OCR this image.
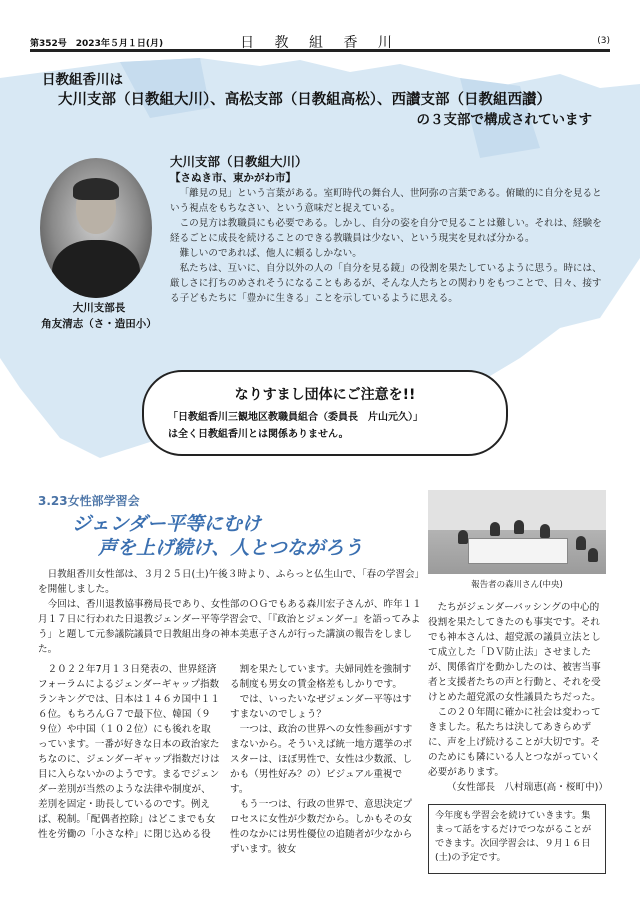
第352号　2023年５月１日(月)	日 教 組 香 川	(3)
日教組香川は
大川支部（日教組大川）、高松支部（日教組高松）、西讃支部（日教組西讃）
の３支部で構成されています
大川支部長
角友清志（さ・造田小）
大川支部（日教組大川）
【さぬき市、東かがわ市】

「離見の見」という言葉がある。室町時代の舞台人、世阿弥の言葉である。俯瞰的に自分を見るという視点をもちなさい、という意味だと捉えている。

この見方は教職員にも必要である。しかし、自分の姿を自分で見ることは難しい。それは、経験を経るごとに成長を続けることのできる教職員は少ない、という現実を見れば分かる。

難しいのであれば、他人に頼るしかない。

私たちは、互いに、自分以外の人の「自分を見る鏡」の役割を果たしているように思う。時には、厳しさに打ちのめされそうになることもあるが、そんな人たちとの関わりをもつことで、日々、接する子どもたちに「豊かに生きる」ことを示しているように思える。

なりすまし団体にご注意を!!
「日教組香川三観地区教職員組合（委員長　片山元久）」
は全く日教組香川とは関係ありません。
3.23女性部学習会
ジェンダー平等にむけ
声を上げ続け、人とつながろう
報告者の森川さん(中央)

日教組香川女性部は、３月２５日(土)午後３時より、ふらっと仏生山で、「春の学習会」を開催しました。

今回は、香川退教協事務局長であり、女性部のＯＧでもある森川宏子さんが、昨年１１月１７日に行われた日退教ジェンダー平等学習会で、「『政治とジェンダー』を語ってみよう」と題して元参議院議員で日教組出身の神本美恵子さんが行った講演の報告をしました。

２０２２年7月１３日発表の、世界経済フォーラムによるジェンダーギャップ指数ランキングでは、日本は１４６カ国中１１６位。もちろんＧ７で最下位、韓国（９９位）や中国（１０２位）にも後れを取っています。一番が好きな日本の政治家たちなのに、ジェンダーギャップ指数だけは目に入らないかのようです。まるでジェンダー差別が当然のような法律や制度が、差別を固定・助長しているのです。例えば、税制。「配偶者控除」はどこまでも女性を労働の「小さな枠」に閉じ込める役

割を果たしています。夫婦同姓を強制する制度も男女の賃金格差もしかりです。

では、いったいなぜジェンダー平等はすすまないのでしょう？

一つは、政治の世界への女性参画がすすまないから。そういえば統一地方選挙のポスターは、ほぼ男性で、女性は少数派、しかも（男性好み？の）ビジュアル重視です。

もう一つは、行政の世界で、意思決定プロセスに女性が少数だから。しかもその女性のなかには男性優位の追随者が少なからずいます。彼女

たちがジェンダーバッシングの中心的役割を果たしてきたのも事実です。それでも神本さんは、超党派の議員立法として成立した「ＤＶ防止法」させましたが、関係省庁を動かしたのは、被害当事者と支援者たちの声と行動と、それを受けとめた超党派の女性議員たちだった。

この２０年間に確かに社会は変わってきました。私たちは決してあきらめずに、声を上げ続けることが大切です。そのためにも隣にいる人とつながっていく必要があります。

（女性部長　八村瑞恵(高・桜町中)）

今年度も学習会を続けていきます。集まって話をするだけでつながることができます。次回学習会は、９月１６日(土)の予定です。
